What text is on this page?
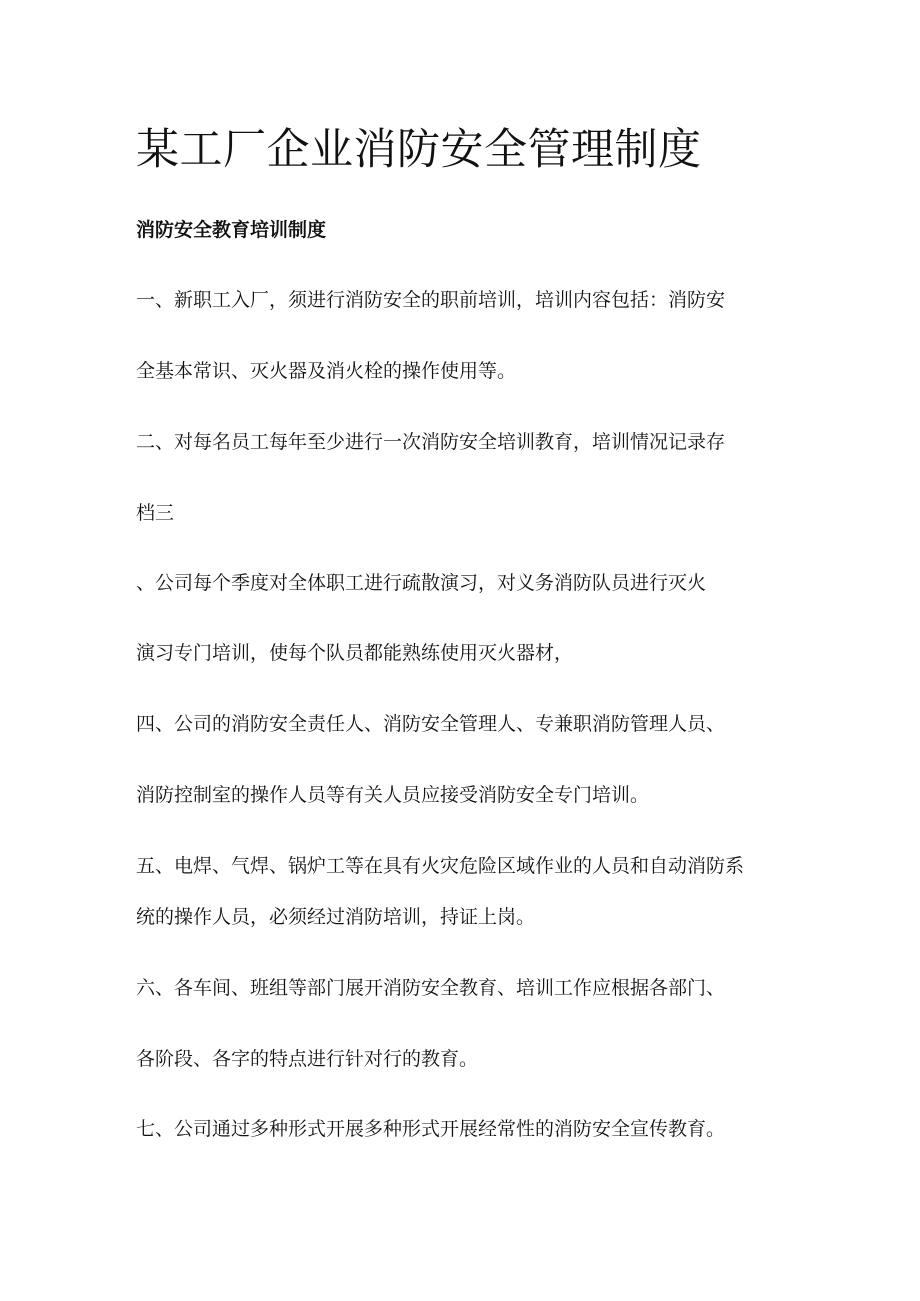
某工厂企业消防安全管理制度
消防安全教育培训制度

一、新职工入厂，须进行消防安全的职前培训，培训内容包括：消防安

全基本常识、灭火器及消火栓的操作使用等。

二、对每名员工每年至少进行一次消防安全培训教育，培训情况记录存

档三

、公司每个季度对全体职工进行疏散演习，对义务消防队员进行灭火

演习专门培训，使每个队员都能熟练使用灭火器材，

四、公司的消防安全责任人、消防安全管理人、专兼职消防管理人员、

消防控制室的操作人员等有关人员应接受消防安全专门培训。

五、电焊、气焊、锅炉工等在具有火灾危险区域作业的人员和自动消防系

统的操作人员，必须经过消防培训，持证上岗。

六、各车间、班组等部门展开消防安全教育、培训工作应根据各部门、

各阶段、各字的特点进行针对行的教育。

七、公司通过多种形式开展多种形式开展经常性的消防安全宣传教育。
